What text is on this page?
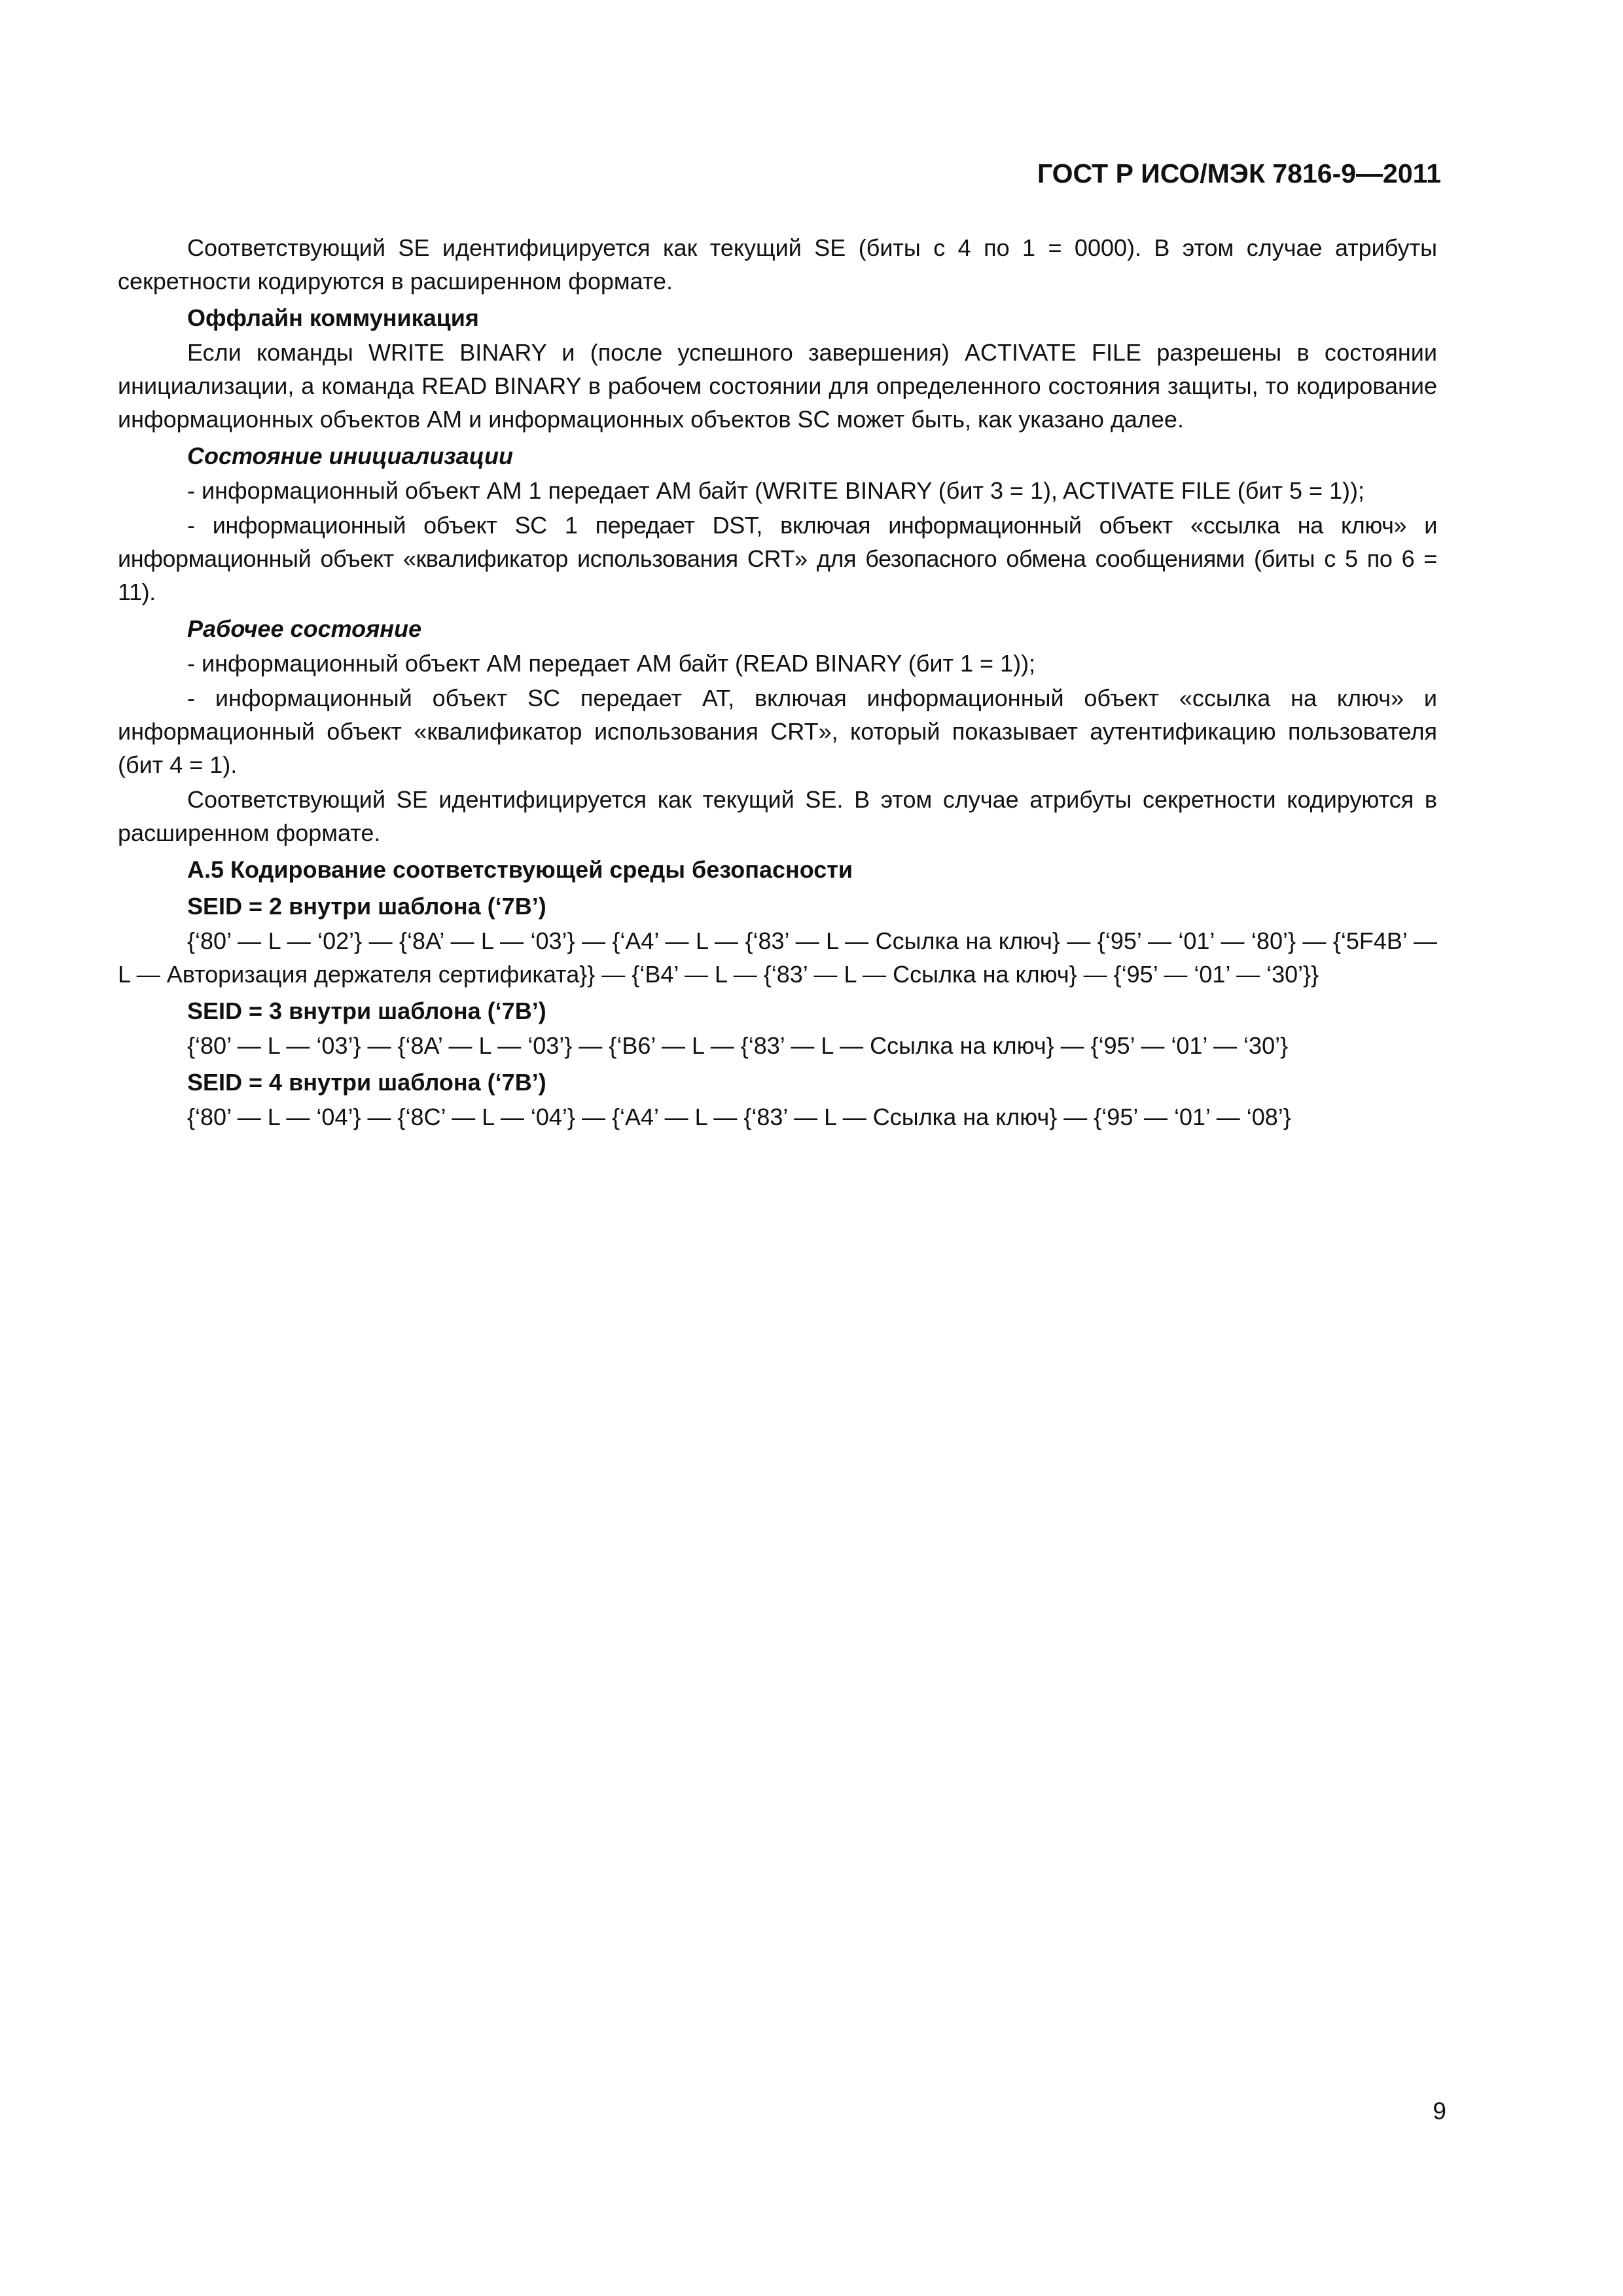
ГОСТ Р ИСО/МЭК 7816-9—2011

Соответствующий SE идентифицируется как текущий SE (биты с 4 по 1 = 0000). В этом случае атрибуты секретности кодируются в расширенном формате.

Оффлайн коммуникация

Если команды WRITE BINARY и (после успешного завершения) ACTIVATE FILE разрешены в состоянии инициализации, а команда READ BINARY в рабочем состоянии для определенного состояния защиты, то кодирование информационных объектов AM и информационных объектов SC может быть, как указано далее.

Состояние инициализации

- информационный объект AM 1 передает AM байт (WRITE BINARY (бит 3 = 1), ACTIVATE FILE (бит 5 = 1));

- информационный объект SC 1 передает DST, включая информационный объект «ссылка на ключ» и информационный объект «квалификатор использования CRT» для безопасного обмена сообщениями (биты с 5 по 6 = 11).

Рабочее состояние

- информационный объект AM передает AM байт (READ BINARY (бит 1 = 1));

- информационный объект SC передает AT, включая информационный объект «ссылка на ключ» и информационный объект «квалификатор использования CRT», который показывает аутентификацию пользователя (бит 4 = 1).

Соответствующий SE идентифицируется как текущий SE. В этом случае атрибуты секретности кодируются в расширенном формате.

А.5 Кодирование соответствующей среды безопасности

SEID = 2 внутри шаблона (‘7B’)

{‘80’ — L — ‘02’} — {‘8A’ — L — ‘03’} — {‘A4’ — L — {‘83’ — L — Ссылка на ключ} — {‘95’ — ‘01’ — ‘80’} — {‘5F4B’ — L — Авторизация держателя сертификата}} — {‘B4’ — L — {‘83’ — L — Ссылка на ключ} — {‘95’ — ‘01’ — ‘30’}}

SEID = 3 внутри шаблона (‘7B’)

{‘80’ — L — ‘03’} — {‘8A’ — L — ‘03’} — {‘B6’ — L — {‘83’ — L — Ссылка на ключ} — {‘95’ — ‘01’ — ‘30’}

SEID = 4 внутри шаблона (‘7B’)

{‘80’ — L — ‘04’} — {‘8C’ — L — ‘04’} — {‘A4’ — L — {‘83’ — L — Ссылка на ключ} — {‘95’ — ‘01’ — ‘08’}

9
